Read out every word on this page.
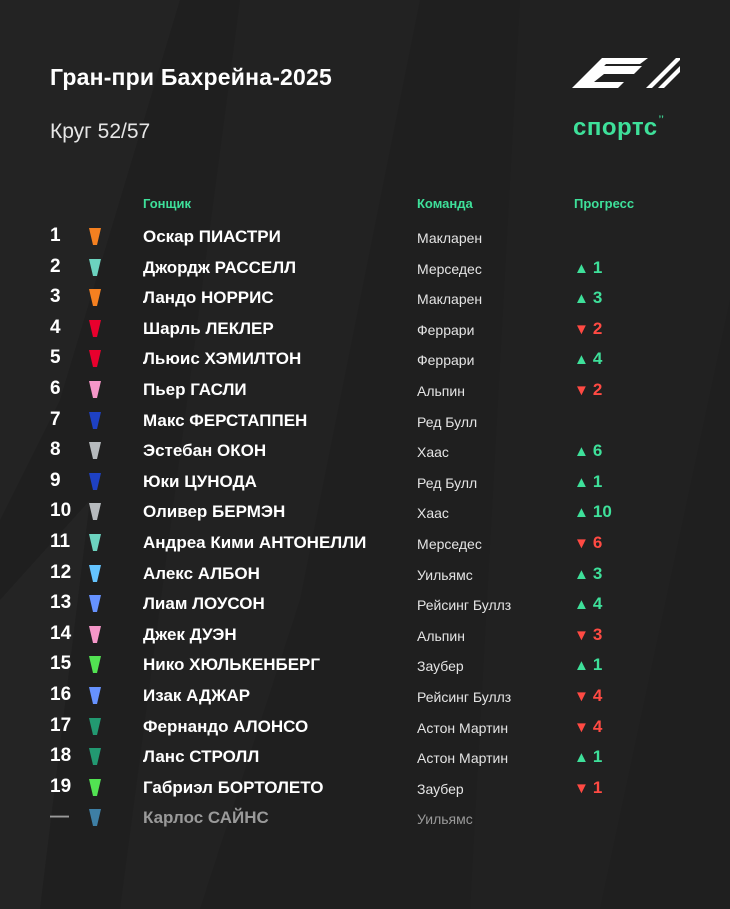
Гран-при Бахрейна-2025
Круг 52/57	спортс’’
Гонщик	Команда	Прогресс
1	Оскар ПИАСТРИ	Макларен
2	Джордж РАССЕЛЛ	Мерседес	▲ 1
3	Ландо НОРРИС	Макларен	▲ 3
4	Шарль ЛЕКЛЕР	Феррари	▼ 2
5	Льюис ХЭМИЛТОН	Феррари	▲ 4
6	Пьер ГАСЛИ	Альпин	▼ 2
7	Макс ФЕРСТАППЕН	Ред Булл
8	Эстебан ОКОН	Хаас	▲ 6
9	Юки ЦУНОДА	Ред Булл	▲ 1
10	Оливер БЕРМЭН	Хаас	▲ 10
11	Андреа Кими АНТОНЕЛЛИ	Мерседес	▼ 6
12	Алекс АЛБОН	Уильямс	▲ 3
13	Лиам ЛОУСОН	Рейсинг Буллз	▲ 4
14	Джек ДУЭН	Альпин	▼ 3
15	Нико ХЮЛЬКЕНБЕРГ	Заубер	▲ 1
16	Изак АДЖАР	Рейсинг Буллз	▼ 4
17	Фернандо АЛОНСО	Астон Мартин	▼ 4
18	Ланс СТРОЛЛ	Астон Мартин	▲ 1
19	Габриэл БОРТОЛЕТО	Заубер	▼ 1
—	Карлос САЙНС	Уильямс
